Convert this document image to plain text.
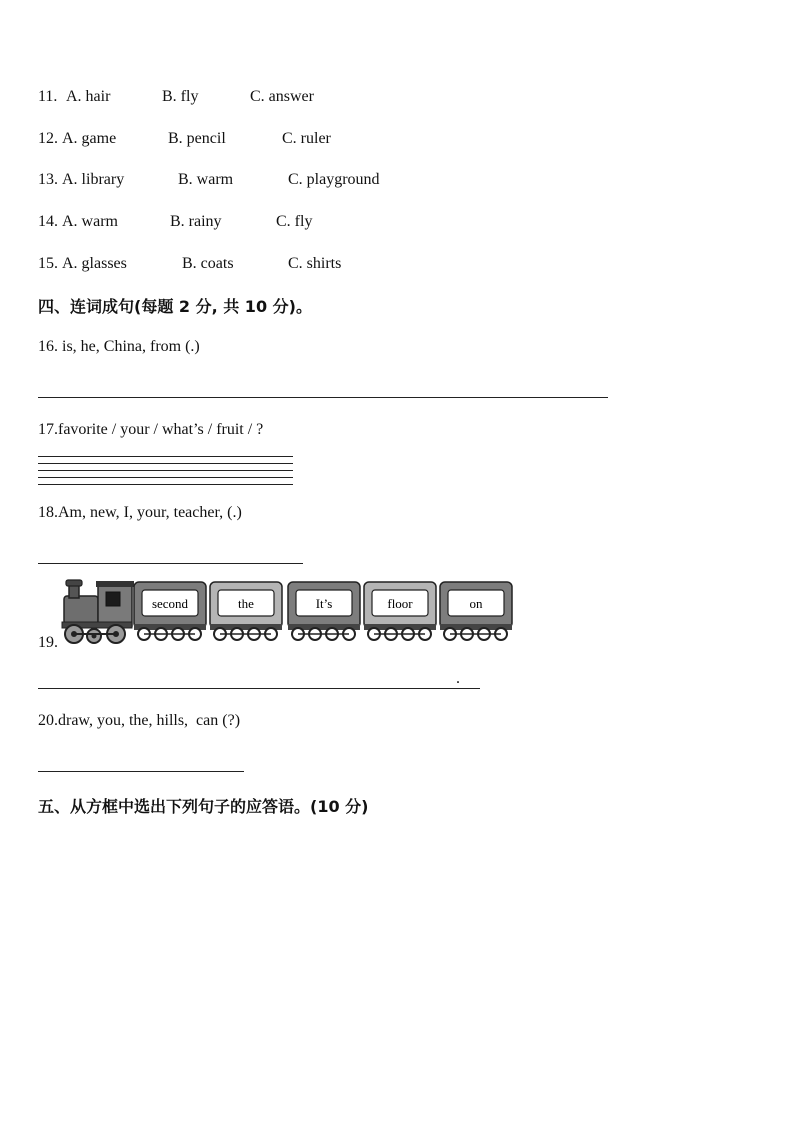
11. A. hair	B. fly	C. answer
12. A. game	B. pencil	C. ruler
13. A. library	B. warm	C. playground
14. A. warm	B. rainy	C. fly
15. A. glasses	B. coats	C. shirts
四、连词成句(每题 2 分, 共 10 分)。
16. is, he, China, from (.)
17.favorite / your / what’s / fruit / ?
18.Am, new, I, your, teacher, (.)
19.
second	the	It’s	floor	on
.
20.draw, you, the, hills,  can (?)
五、从方框中选出下列句子的应答语。(10 分)
